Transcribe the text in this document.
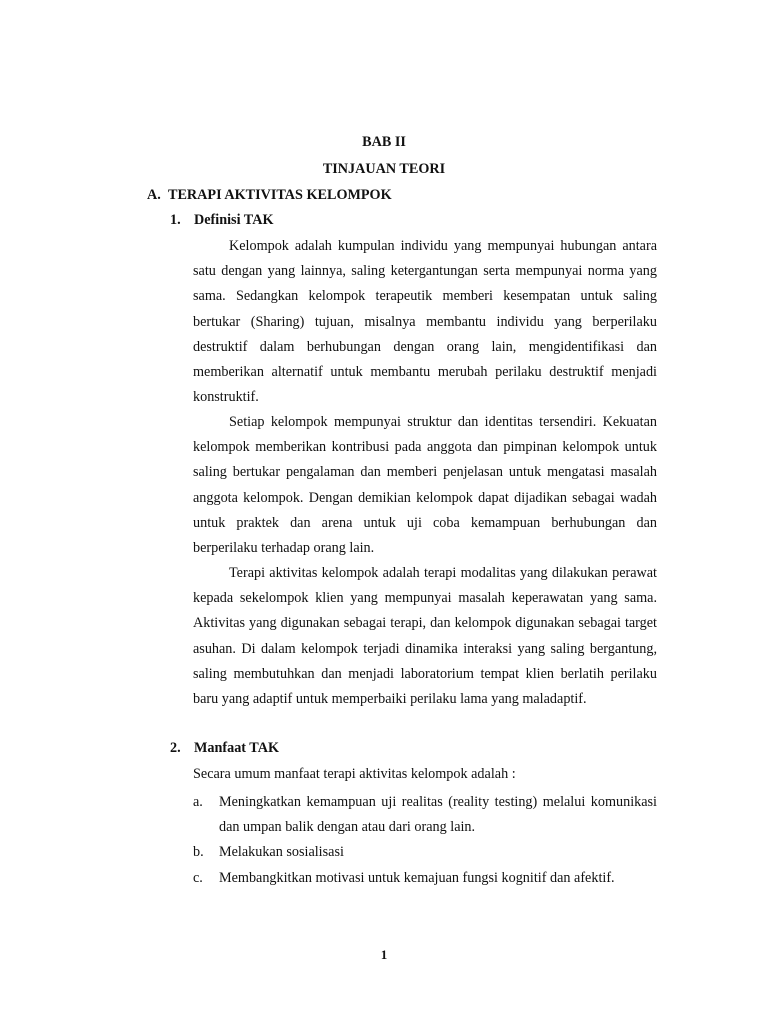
BAB II
TINJAUAN TEORI
A. TERAPI AKTIVITAS KELOMPOK
1. Definisi TAK

Kelompok adalah kumpulan individu yang mempunyai hubungan antara satu dengan yang lainnya, saling ketergantungan serta mempunyai norma yang sama. Sedangkan kelompok terapeutik memberi kesempatan untuk saling bertukar (Sharing) tujuan, misalnya membantu individu yang berperilaku destruktif dalam berhubungan dengan orang lain, mengidentifikasi dan memberikan alternatif untuk membantu merubah perilaku destruktif menjadi konstruktif.

Setiap kelompok mempunyai struktur dan identitas tersendiri. Kekuatan kelompok memberikan kontribusi pada anggota dan pimpinan kelompok untuk saling bertukar pengalaman dan memberi penjelasan untuk mengatasi masalah anggota kelompok. Dengan demikian kelompok dapat dijadikan sebagai wadah untuk praktek dan arena untuk uji coba kemampuan berhubungan dan berperilaku terhadap orang lain.

Terapi aktivitas kelompok adalah terapi modalitas yang dilakukan perawat kepada sekelompok klien yang mempunyai masalah keperawatan yang sama. Aktivitas yang digunakan sebagai terapi, dan kelompok digunakan sebagai target asuhan. Di dalam kelompok terjadi dinamika interaksi yang saling bergantung, saling membutuhkan dan menjadi laboratorium tempat klien berlatih perilaku baru yang adaptif untuk memperbaiki perilaku lama yang maladaptif.

2. Manfaat TAK
Secara umum manfaat terapi aktivitas kelompok adalah :
a.	Meningkatkan kemampuan uji realitas (reality testing) melalui komunikasi dan umpan balik dengan atau dari orang lain.
b.	Melakukan sosialisasi
c.	Membangkitkan motivasi untuk kemajuan fungsi kognitif dan afektif.
1
